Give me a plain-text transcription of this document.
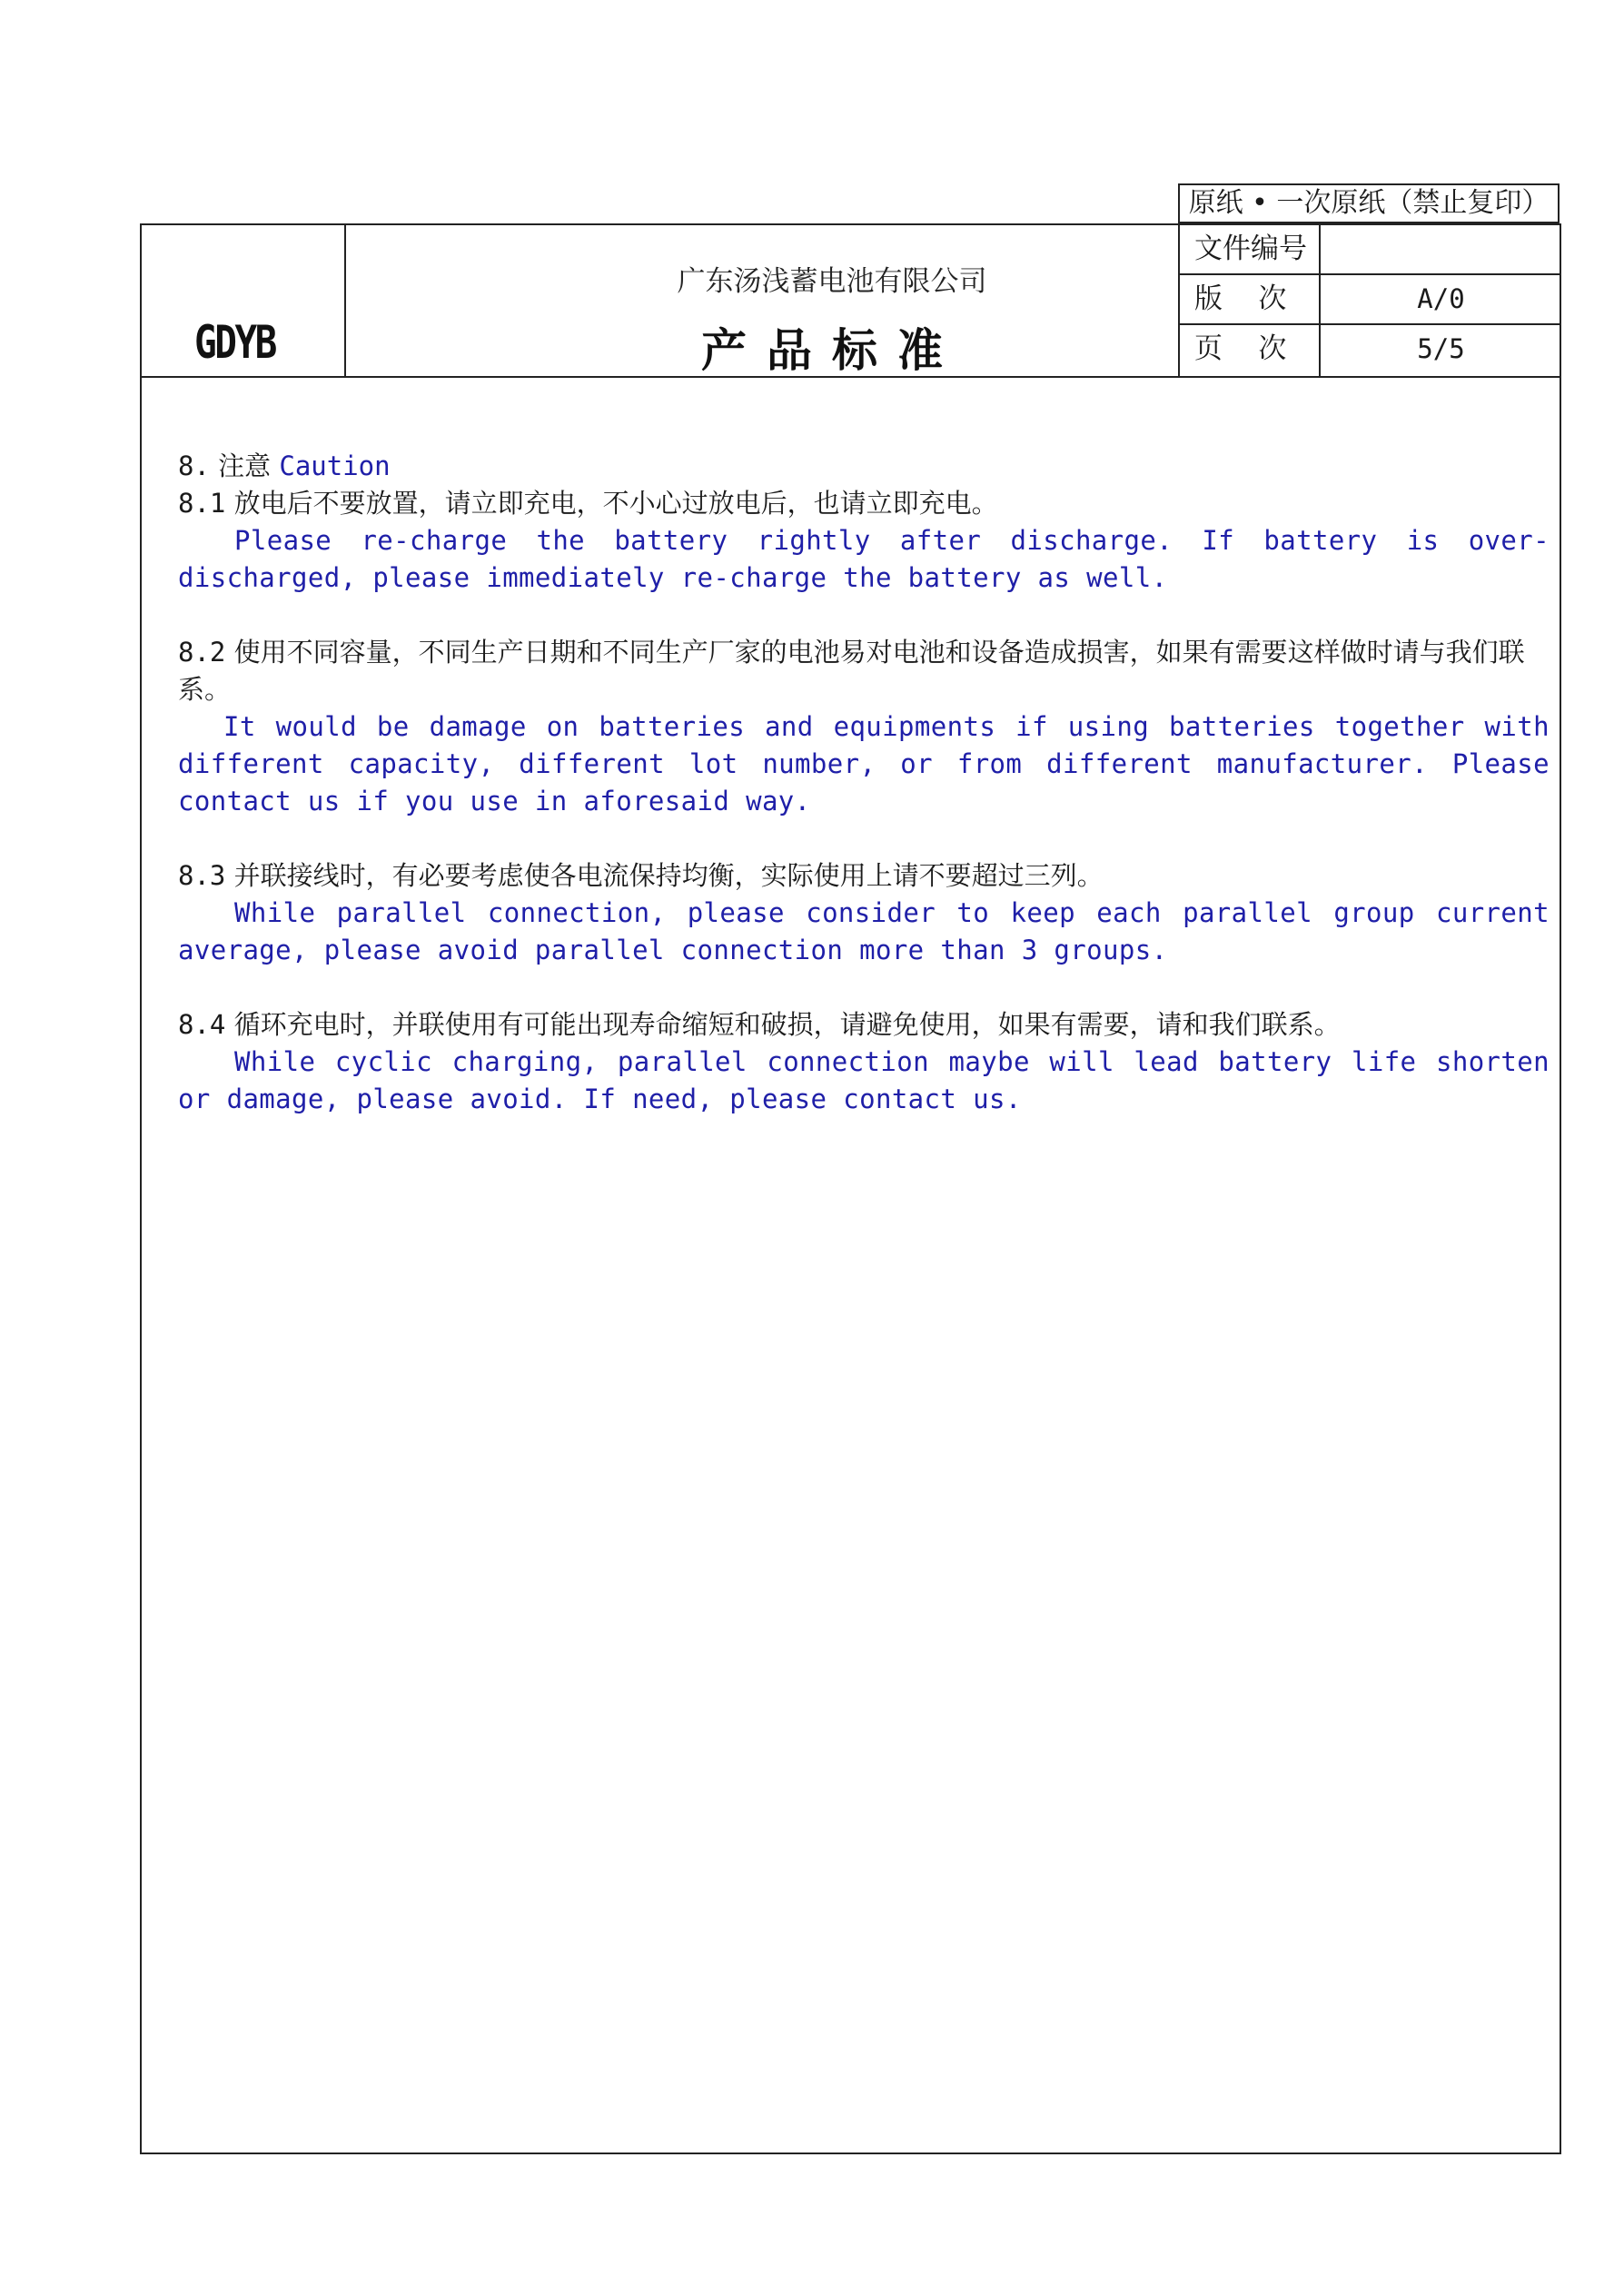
原纸 • 一次原纸（禁止复印）
GDYB
广东汤浅蓄电池有限公司
产品标准
文件编号
版    次	A/0
页    次	5/5
8. 注意 Caution
8.1 放电后不要放置，请立即充电，不小心过放电后，也请立即充电。
Please re-charge the battery rightly after discharge. If battery is over-discharged, please immediately re-charge the battery as well.
8.2 使用不同容量，不同生产日期和不同生产厂家的电池易对电池和设备造成损害，如果有需要这样做时请与我们联系。
It would be damage on batteries and equipments if using batteries together with different capacity, different lot number, or from different manufacturer. Please contact us if you use in aforesaid way.
8.3 并联接线时，有必要考虑使各电流保持均衡，实际使用上请不要超过三列。
While parallel connection, please consider to keep each parallel group current average, please avoid parallel connection more than 3 groups.
8.4 循环充电时，并联使用有可能出现寿命缩短和破损，请避免使用，如果有需要，请和我们联系。
While cyclic charging, parallel connection maybe will lead battery life shorten or damage, please avoid. If need, please contact us.
